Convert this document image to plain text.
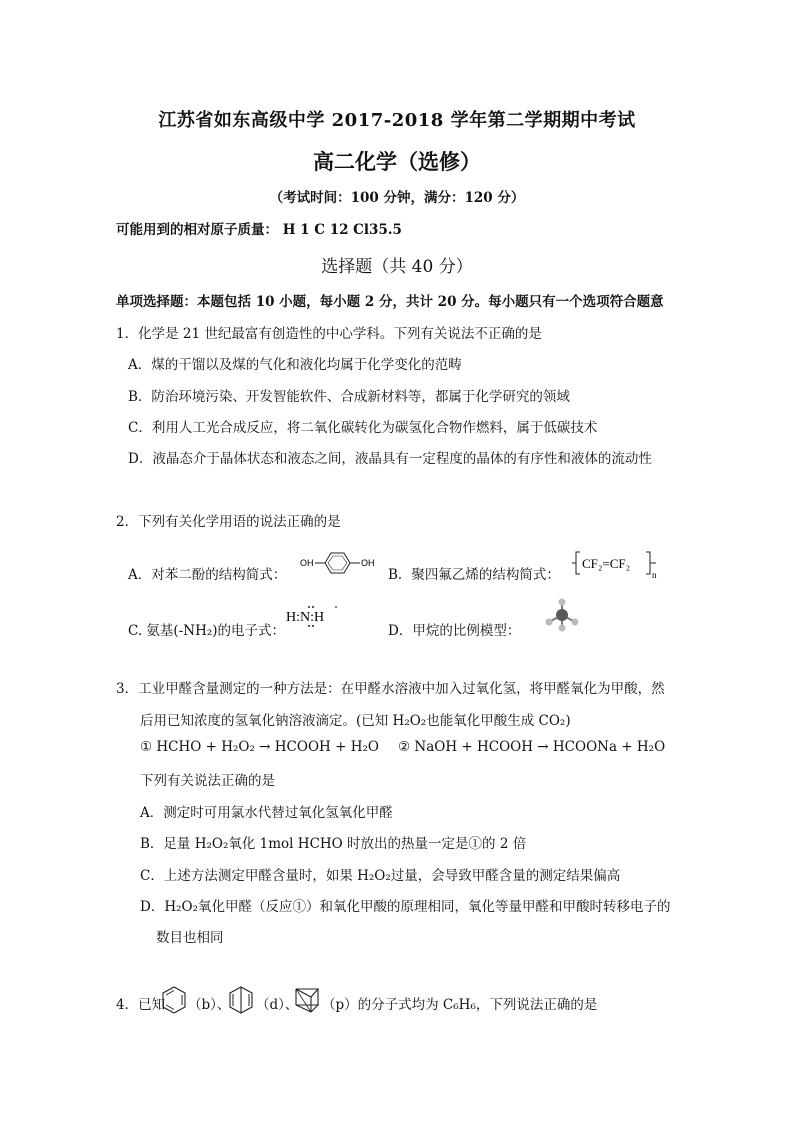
江苏省如东高级中学 2017-2018 学年第二学期期中考试
高二化学（选修）
（考试时间：100 分钟，满分：120 分）
可能用到的相对原子质量： H 1 C 12 Cl35.5
选择题（共 40 分）
单项选择题：本题包括 10 小题，每小题 2 分，共计 20 分。每小题只有一个选项符合题意
1．化学是 21 世纪最富有创造性的中心学科。下列有关说法不正确的是
A．煤的干馏以及煤的气化和液化均属于化学变化的范畴
B．防治环境污染、开发智能软件、合成新材料等，都属于化学研究的领域
C．利用人工光合成反应，将二氧化碳转化为碳氢化合物作燃料，属于低碳技术
D．液晶态介于晶体状态和液态之间，液晶具有一定程度的晶体的有序性和液体的流动性
2．下列有关化学用语的说法正确的是
A．对苯二酚的结构简式：
OH	OH
B．聚四氟乙烯的结构简式：
CF₂=CF₂
n
C. 氨基(-NH₂)的电子式：
H:N:H
D．甲烷的比例模型：
3．工业甲醛含量测定的一种方法是：在甲醛水溶液中加入过氧化氢，将甲醛氧化为甲酸，然
后用已知浓度的氢氧化钠溶液滴定。(已知 H₂O₂也能氧化甲酸生成 CO₂)
① HCHO + H₂O₂ → HCOOH + H₂O ② NaOH + HCOOH → HCOONa + H₂O
下列有关说法正确的是
A．测定时可用氯水代替过氧化氢氧化甲醛
B．足量 H₂O₂氧化 1mol HCHO 时放出的热量一定是①的 2 倍
C．上述方法测定甲醛含量时，如果 H₂O₂过量，会导致甲醛含量的测定结果偏高
D．H₂O₂氧化甲醛（反应①）和氧化甲酸的原理相同，氧化等量甲醛和甲酸时转移电子的
数目也相同
4．已知 （b）、 （d）、 （p）的分子式均为 C₆H₆，下列说法正确的是
